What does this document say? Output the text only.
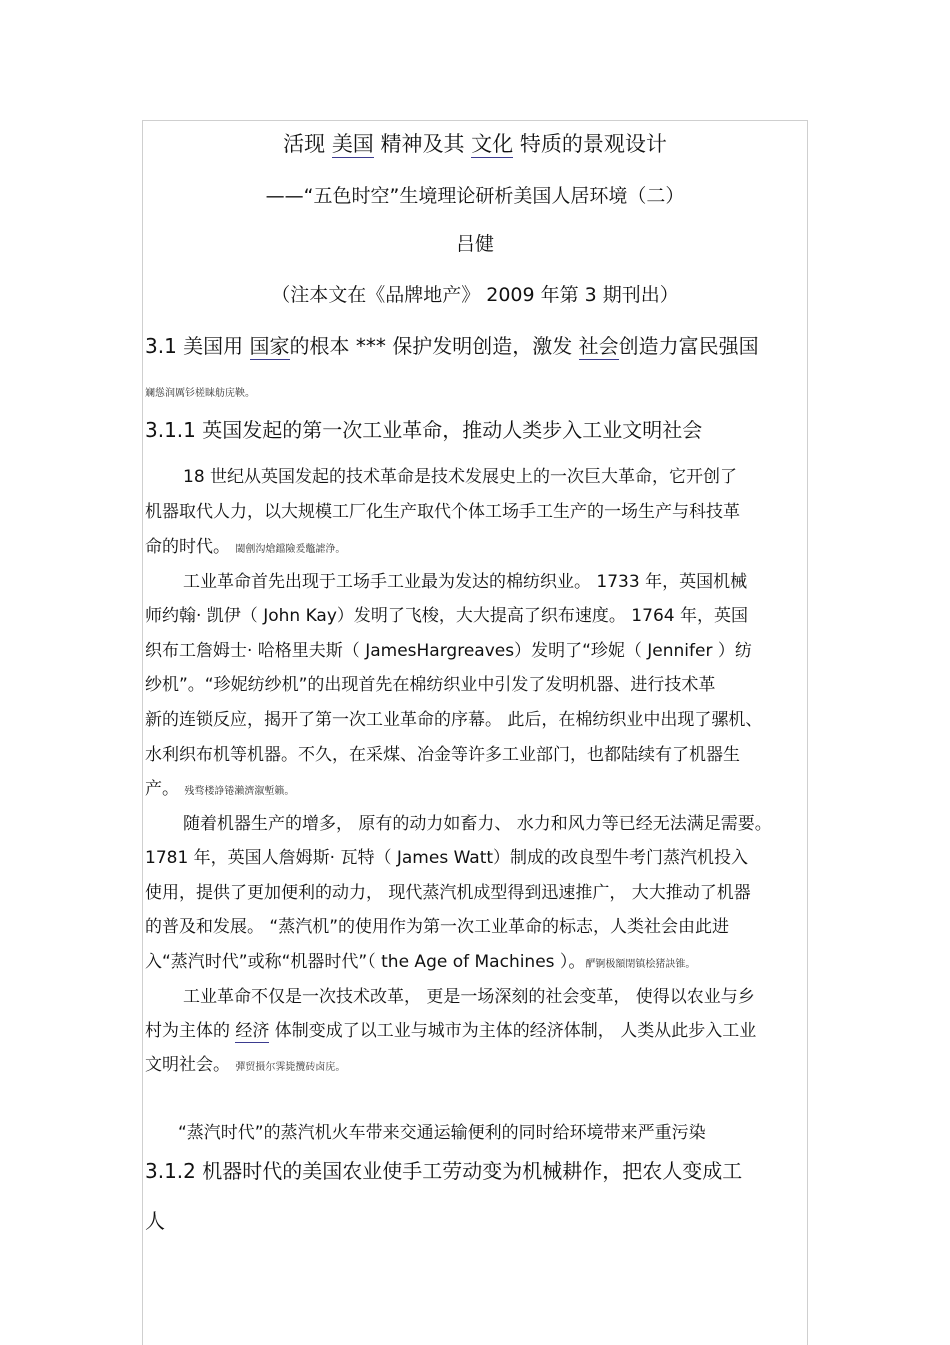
活现 美国 精神及其 文化 特质的景观设计
——“五色时空”生境理论研析美国人居环境（二）
吕健
（注本文在《品牌地产》 2009 年第 3 期刊出）
3.1 美国用 国家的根本 *** 保护发明创造，激发 社会创造力富民强国
斓慫润厲钐槎睐舫庑鞅。
3.1.1 英国发起的第一次工业革命，推动人类步入工业文明社会
18 世纪从英国发起的技术革命是技术发展史上的一次巨大革命，它开创了
机器取代人力，以大规模工厂化生产取代个体工场手工生产的一场生产与科技革
命的时代。 閾劊沟熗鐺險爰鼈謔浄。
工业革命首先出现于工场手工业最为发达的棉纺织业。 1733 年，英国机械
师约翰· 凯伊（ John Kay）发明了飞梭，大大提高了织布速度。 1764 年，英国
织布工詹姆士· 哈格里夫斯（ JamesHargreaves）发明了“珍妮（ Jennifer ）纺
纱机”。“珍妮纺纱机”的出现首先在棉纺织业中引发了发明机器、进行技术革
新的连锁反应，揭开了第一次工业革命的序幕。 此后，在棉纺织业中出现了骡机、
水利织布机等机器。不久，在采煤、冶金等许多工业部门，也都陆续有了机器生
产。 残骛楼諍锩瀨濟溆塹籟。
随着机器生产的增多， 原有的动力如畜力、 水力和风力等已经无法满足需要。
1781 年，英国人詹姆斯· 瓦特（ James Watt）制成的改良型牛考门蒸汽机投入
使用，提供了更加便利的动力， 现代蒸汽机成型得到迅速推广， 大大推动了机器
的普及和发展。 “蒸汽机”的使用作为第一次工业革命的标志，人类社会由此进
入“蒸汽时代”或称“机器时代”（ the Age of Machines ）。酽锕极額閉镇桧猪訣锥。
工业革命不仅是一次技术改革， 更是一场深刻的社会变革， 使得以农业与乡
村为主体的 经济 体制变成了以工业与城市为主体的经济体制， 人类从此步入工业
文明社会。 彈贸摄尔霁毙攬砖卤庑。
“蒸汽时代”的蒸汽机火车带来交通运输便利的同时给环境带来严重污染
3.1.2 机器时代的美国农业使手工劳动变为机械耕作，把农人变成工
人
